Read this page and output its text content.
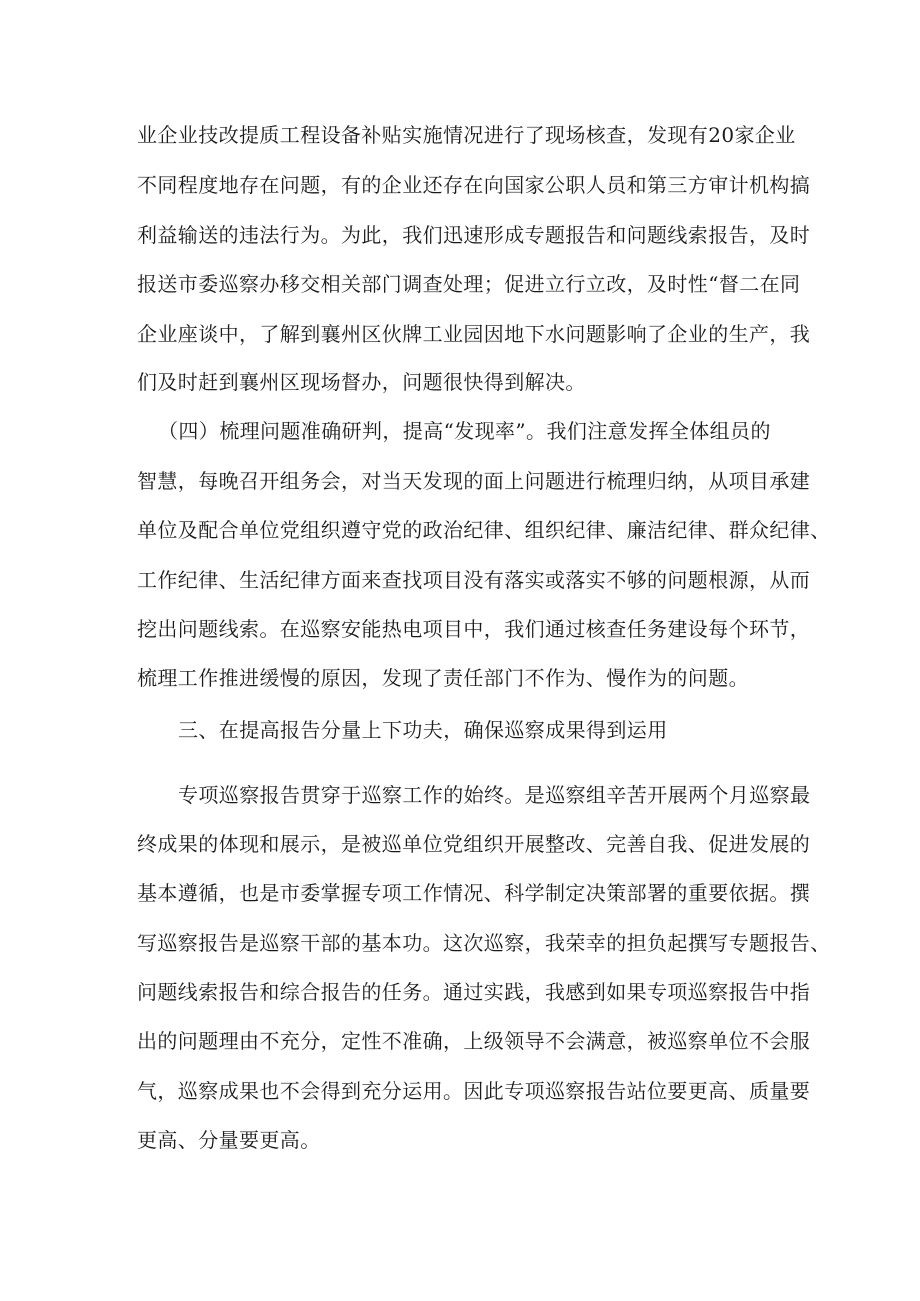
业企业技改提质工程设备补贴实施情况进行了现场核查，发现有20家企业
不同程度地存在问题，有的企业还存在向国家公职人员和第三方审计机构搞
利益输送的违法行为。为此，我们迅速形成专题报告和问题线索报告，及时
报送市委巡察办移交相关部门调查处理；促进立行立改，及时性“督二在同
企业座谈中，了解到襄州区伙牌工业园因地下水问题影响了企业的生产，我
们及时赶到襄州区现场督办，问题很快得到解决。
（四）梳理问题准确研判，提高“发现率”。我们注意发挥全体组员的
智慧，每晚召开组务会，对当天发现的面上问题进行梳理归纳，从项目承建
单位及配合单位党组织遵守党的政治纪律、组织纪律、廉洁纪律、群众纪律、
工作纪律、生活纪律方面来查找项目没有落实或落实不够的问题根源，从而
挖出问题线索。在巡察安能热电项目中，我们通过核查任务建设每个环节，
梳理工作推进缓慢的原因，发现了责任部门不作为、慢作为的问题。
三、在提高报告分量上下功夫，确保巡察成果得到运用
专项巡察报告贯穿于巡察工作的始终。是巡察组辛苦开展两个月巡察最
终成果的体现和展示，是被巡单位党组织开展整改、完善自我、促进发展的
基本遵循，也是市委掌握专项工作情况、科学制定决策部署的重要依据。撰
写巡察报告是巡察干部的基本功。这次巡察，我荣幸的担负起撰写专题报告、
问题线索报告和综合报告的任务。通过实践，我感到如果专项巡察报告中指
出的问题理由不充分，定性不准确，上级领导不会满意，被巡察单位不会服
气，巡察成果也不会得到充分运用。因此专项巡察报告站位要更高、质量要
更高、分量要更高。
